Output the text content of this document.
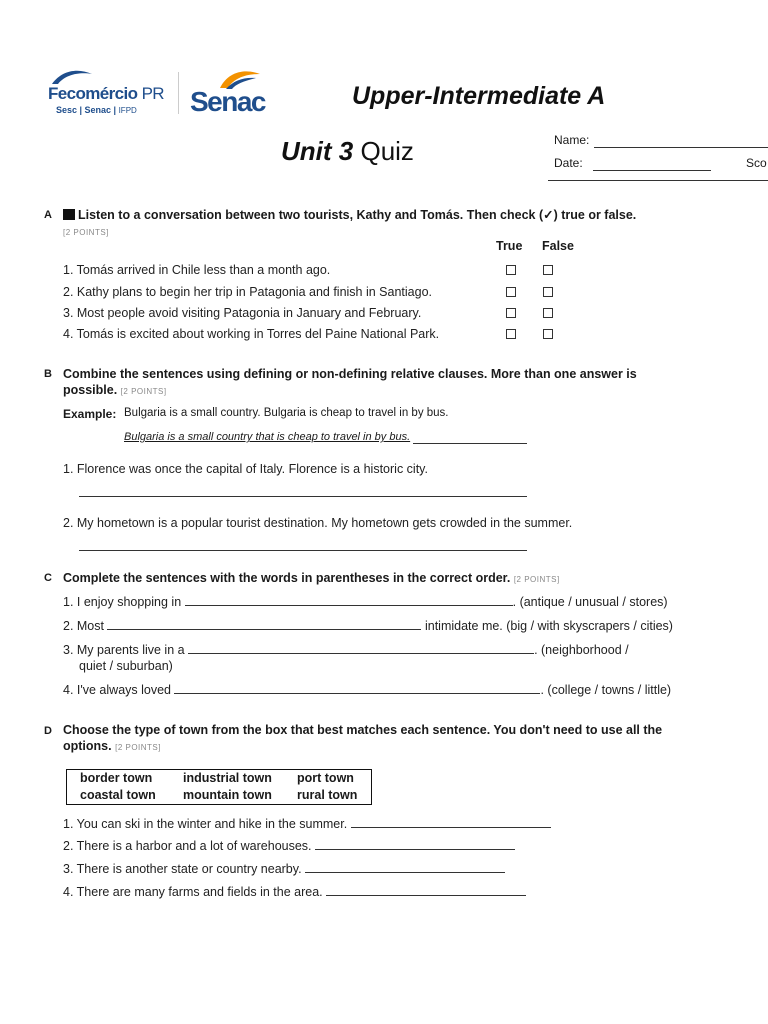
Fecomércio PR
Sesc | Senac | IFPD Senac	Upper-Intermediate A
Unit 3 Quiz	Name:
Date:	Sco
A	Listen to a conversation between two tourists, Kathy and Tomás. Then check (✓) true or false.
[2 POINTS]
True False
1. Tomás arrived in Chile less than a month ago.
2. Kathy plans to begin her trip in Patagonia and finish in Santiago.
3. Most people avoid visiting Patagonia in January and February.
4. Tomás is excited about working in Torres del Paine National Park.
B Combine the sentences using defining or non-defining relative clauses. More than one answer is
possible. [2 POINTS]
Example: Bulgaria is a small country. Bulgaria is cheap to travel in by bus.
Bulgaria is a small country that is cheap to travel in by bus.
1. Florence was once the capital of Italy. Florence is a historic city.
2. My hometown is a popular tourist destination. My hometown gets crowded in the summer.
C Complete the sentences with the words in parentheses in the correct order. [2 POINTS]
1. I enjoy shopping in	. (antique / unusual / stores)
2. Most	intimidate me. (big / with skyscrapers / cities)
3. My parents live in a	. (neighborhood /
quiet / suburban)
4. I've always loved	. (college / towns / little)
D Choose the type of town from the box that best matches each sentence. You don't need to use all the
options. [2 POINTS]
border town industrial town port town
coastal town mountain town rural town
1. You can ski in the winter and hike in the summer.
2. There is a harbor and a lot of warehouses.
3. There is another state or country nearby.
4. There are many farms and fields in the area.
